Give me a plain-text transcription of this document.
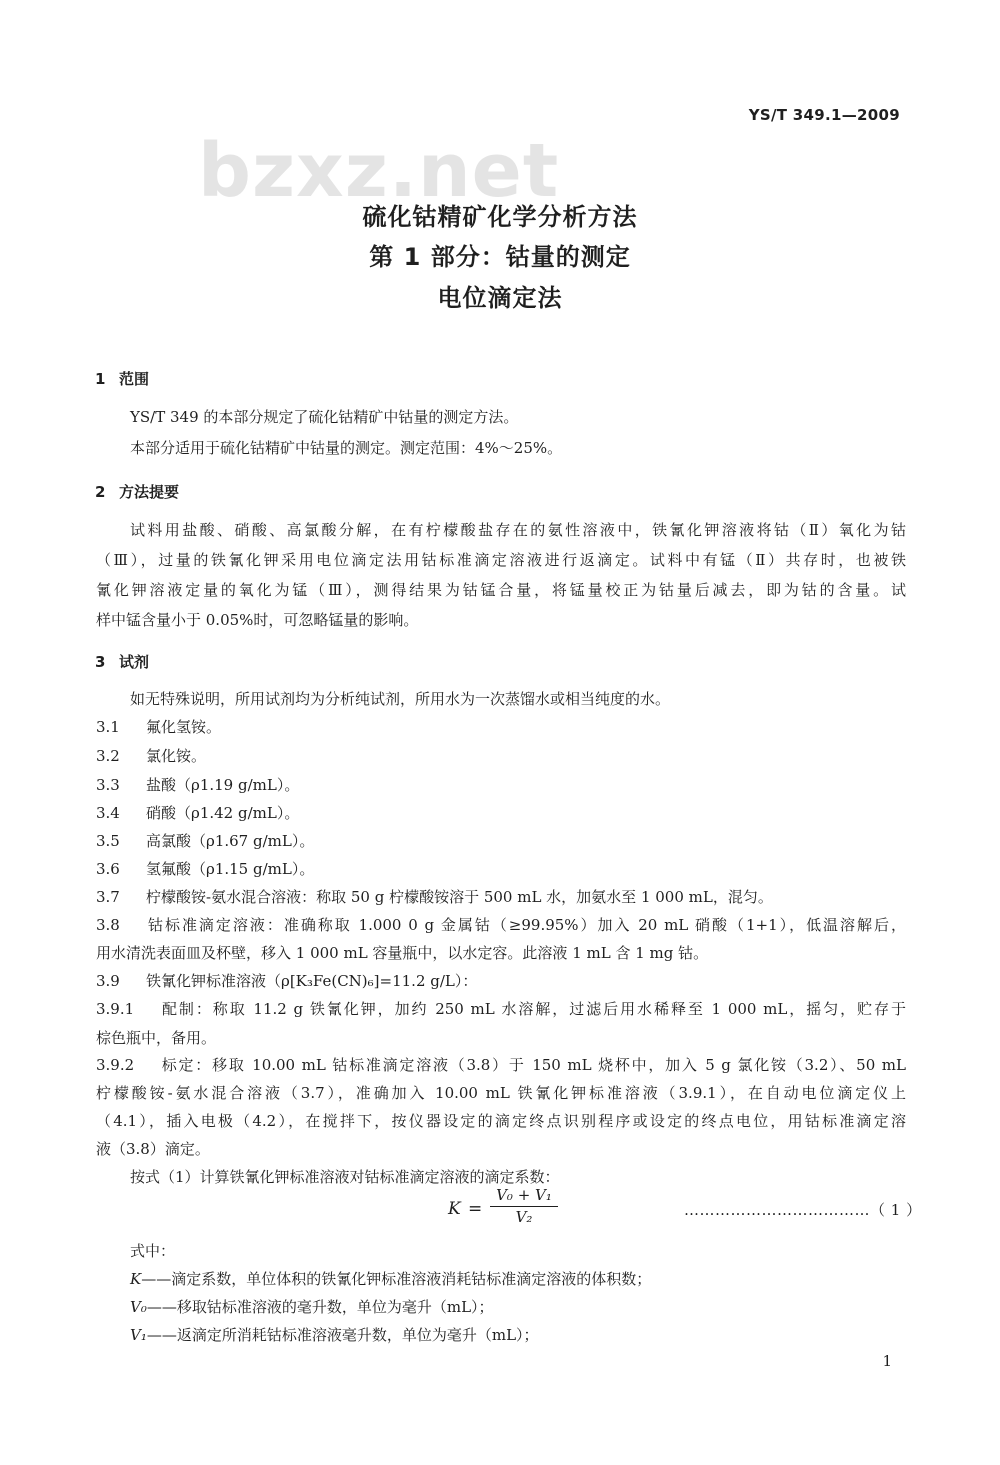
YS/T 349.1—2009
bzxz.net
硫化钴精矿化学分析方法
第 1 部分：钴量的测定
电位滴定法
1 范围
YS/T 349 的本部分规定了硫化钴精矿中钴量的测定方法。
本部分适用于硫化钴精矿中钴量的测定。测定范围：4%～25%。
2 方法提要
试料用盐酸、硝酸、高氯酸分解，在有柠檬酸盐存在的氨性溶液中，铁氰化钾溶液将钴（Ⅱ）氧化为钴
（Ⅲ），过量的铁氰化钾采用电位滴定法用钴标准滴定溶液进行返滴定。试料中有锰（Ⅱ）共存时，也被铁
氰化钾溶液定量的氧化为锰（Ⅲ），测得结果为钴锰合量，将锰量校正为钴量后减去，即为钴的含量。试
样中锰含量小于 0.05%时，可忽略锰量的影响。
3 试剂
如无特殊说明，所用试剂均为分析纯试剂，所用水为一次蒸馏水或相当纯度的水。
3.1 氟化氢铵。
3.2 氯化铵。
3.3 盐酸（ρ1.19 g/mL）。
3.4 硝酸（ρ1.42 g/mL）。
3.5 高氯酸（ρ1.67 g/mL）。
3.6 氢氟酸（ρ1.15 g/mL）。
3.7 柠檬酸铵-氨水混合溶液：称取 50 g 柠檬酸铵溶于 500 mL 水，加氨水至 1 000 mL，混匀。
3.8 钴标准滴定溶液：准确称取 1.000 0 g 金属钴（≥99.95%）加入 20 mL 硝酸（1+1），低温溶解后，
用水清洗表面皿及杯壁，移入 1 000 mL 容量瓶中，以水定容。此溶液 1 mL 含 1 mg 钴。
3.9 铁氰化钾标准溶液（ρ[K₃Fe(CN)₆]=11.2 g/L）：
3.9.1 配制：称取 11.2 g 铁氰化钾，加约 250 mL 水溶解，过滤后用水稀释至 1 000 mL，摇匀，贮存于
棕色瓶中，备用。
3.9.2 标定：移取 10.00 mL 钴标准滴定溶液（3.8）于 150 mL 烧杯中，加入 5 g 氯化铵（3.2）、50 mL
柠檬酸铵-氨水混合溶液（3.7），准确加入 10.00 mL 铁氰化钾标准溶液（3.9.1），在自动电位滴定仪上
（4.1），插入电极（4.2），在搅拌下，按仪器设定的滴定终点识别程序或设定的终点电位，用钴标准滴定溶
液（3.8）滴定。
按式（1）计算铁氰化钾标准溶液对钴标准滴定溶液的滴定系数：
$K = \frac{\text{V₀ + V₁}}{\text{V₂}}$	………………………………（ 1 ）
式中：
K——滴定系数，单位体积的铁氰化钾标准溶液消耗钴标准滴定溶液的体积数；
V₀——移取钴标准溶液的毫升数，单位为毫升（mL）；
V₁——返滴定所消耗钴标准溶液毫升数，单位为毫升（mL）；
1
